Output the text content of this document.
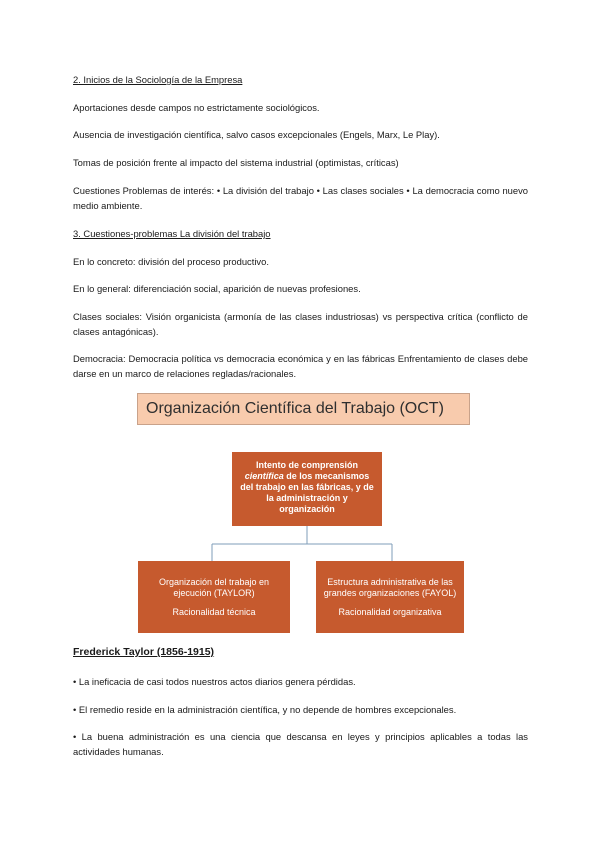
2. Inicios de la Sociología de la Empresa
Aportaciones desde campos no estrictamente sociológicos.
Ausencia de investigación científica, salvo casos excepcionales (Engels, Marx, Le Play).
Tomas de posición frente al impacto del sistema industrial (optimistas, críticas)
Cuestiones Problemas de interés: • La división del trabajo • Las clases sociales • La democracia como nuevo medio ambiente.
3. Cuestiones-problemas La división del trabajo
En lo concreto: división del proceso productivo.
En lo general: diferenciación social, aparición de nuevas profesiones.
Clases sociales: Visión organicista (armonía de las clases industriosas) vs perspectiva crítica (conflicto de clases antagónicas).
Democracia: Democracia política vs democracia económica y en las fábricas Enfrentamiento de clases debe darse en un marco de relaciones regladas/racionales.
Organización Científica del Trabajo (OCT)
Intento de comprensión científica de los mecanismos del trabajo en las fábricas, y de la administración y organización
Organización del trabajo en ejecución (TAYLOR)
Racionalidad técnica
Estructura administrativa de las grandes organizaciones (FAYOL)
Racionalidad organizativa
Frederick Taylor (1856-1915)
• La ineficacia de casi todos nuestros actos diarios genera pérdidas.
• El remedio reside en la administración científica, y no depende de hombres excepcionales.
• La buena administración es una ciencia que descansa en leyes y principios aplicables a todas las actividades humanas.
